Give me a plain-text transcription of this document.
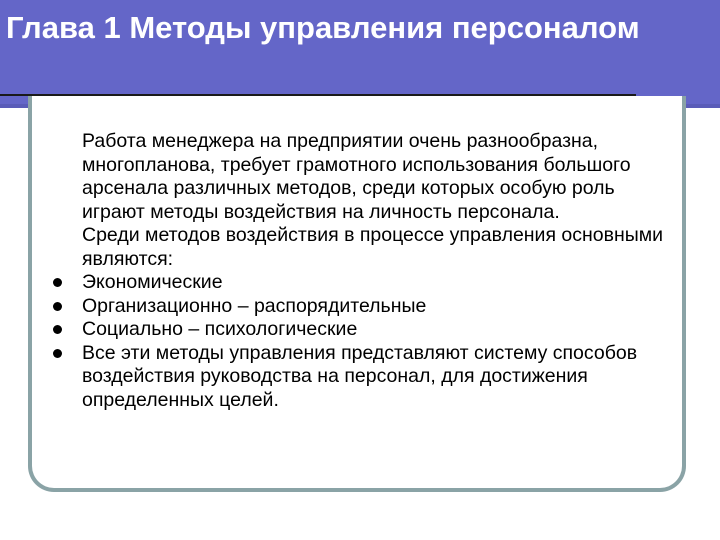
Глава 1 Методы управления персоналом

Работа менеджера на предприятии очень разнообразна, многопланова, требует грамотного использования большого арсенала различных методов, среди которых особую роль играют методы воздействия на личность персонала.

Среди методов воздействия в процессе управления основными являются:

Экономические
Организационно – распорядительные
Социально – психологические
Все эти методы управления представляют систему способов воздействия руководства на персонал, для достижения определенных целей.
